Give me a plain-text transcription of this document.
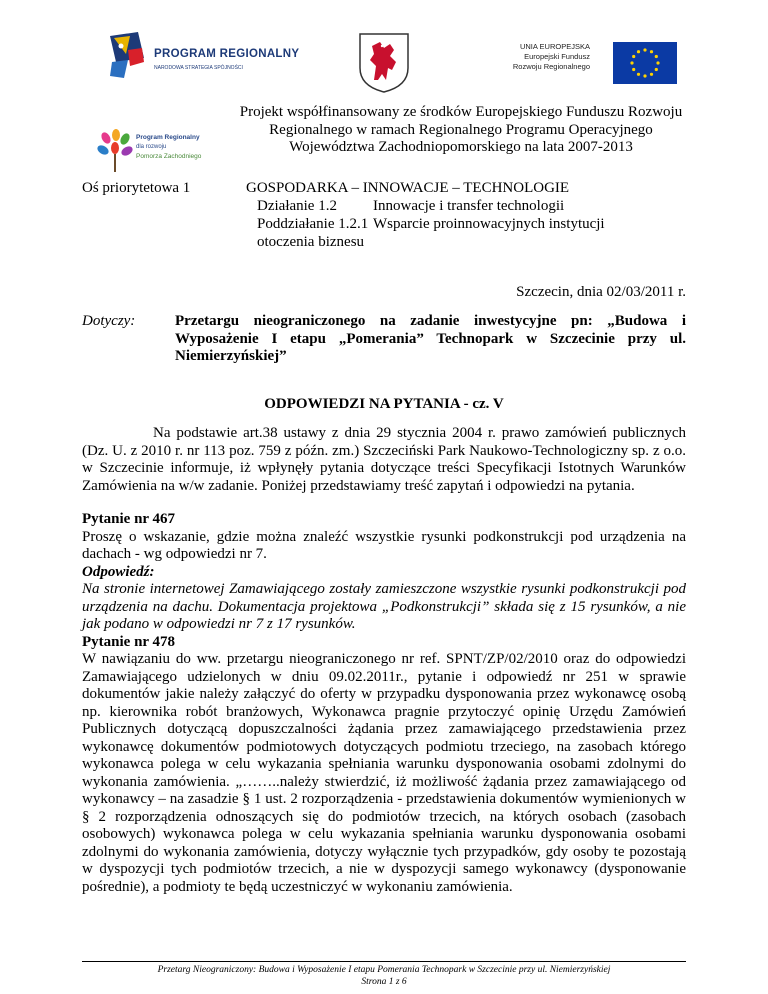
PROGRAM REGIONALNY
NARODOWA STRATEGIA SPÓJNOŚCI
UNIA EUROPEJSKA
Europejski Fundusz
Rozwoju Regionalnego
Program Regionalny
dla rozwoju
Pomorza Zachodniego
Projekt współfinansowany ze środków Europejskiego Funduszu Rozwoju Regionalnego w ramach Regionalnego Programu Operacyjnego Województwa Zachodniopomorskiego na lata 2007-2013
Oś priorytetowa 1	GOSPODARKA – INNOWACJE – TECHNOLOGIE
Działanie 1.2 Innowacje i transfer technologii
Poddziałanie 1.2.1 Wsparcie proinnowacyjnych instytucji
otoczenia biznesu
Szczecin, dnia 02/03/2011 r.
Dotyczy:	Przetargu nieograniczonego na zadanie inwestycyjne pn: „Budowa i Wyposażenie I etapu „Pomerania” Technopark w Szczecinie przy ul. Niemierzyńskiej”
ODPOWIEDZI NA PYTANIA - cz. V

Na podstawie art.38 ustawy z dnia 29 stycznia 2004 r. prawo zamówień publicznych (Dz. U. z 2010 r. nr 113 poz. 759 z późn. zm.) Szczeciński Park Naukowo-Technologiczny sp. z o.o. w Szczecinie informuje, iż wpłynęły pytania dotyczące treści Specyfikacji Istotnych Warunków Zamówienia na w/w zadanie. Poniżej przedstawiamy treść zapytań i odpowiedzi na pytania.

Pytanie nr 467

Proszę o wskazanie, gdzie można znaleźć wszystkie rysunki podkonstrukcji pod urządzenia na dachach - wg odpowiedzi nr 7.

Odpowiedź:

Na stronie internetowej Zamawiającego zostały zamieszczone wszystkie rysunki podkonstrukcji pod urządzenia na dachu. Dokumentacja projektowa „Podkonstrukcji” składa się z 15 rysunków, a nie jak podano w odpowiedzi nr 7 z 17 rysunków.

Pytanie nr 478

W nawiązaniu do ww. przetargu nieograniczonego nr ref. SPNT/ZP/02/2010 oraz do odpowiedzi Zamawiającego udzielonych w dniu 09.02.2011r., pytanie i odpowiedź nr 251 w sprawie dokumentów jakie należy załączyć do oferty w przypadku dysponowania przez wykonawcę osobą np. kierownika robót branżowych, Wykonawca pragnie przytoczyć opinię Urzędu Zamówień Publicznych dotyczącą dopuszczalności żądania przez zamawiającego przedstawienia przez wykonawcę dokumentów podmiotowych dotyczących podmiotu trzeciego, na zasobach którego wykonawca polega w celu wykazania spełniania warunku dysponowania osobami zdolnymi do wykonania zamówienia. „……..należy stwierdzić, iż możliwość żądania przez zamawiającego od wykonawcy – na zasadzie § 1 ust. 2 rozporządzenia - przedstawienia dokumentów wymienionych w § 2 rozporządzenia odnoszących się do podmiotów trzecich, na których osobach (zasobach osobowych) wykonawca polega w celu wykazania spełniania warunku dysponowania osobami zdolnymi do wykonania zamówienia, dotyczy wyłącznie tych przypadków, gdy osoby te pozostają w dyspozycji tych podmiotów trzecich, a nie w dyspozycji samego wykonawcy (dysponowanie pośrednie), a podmioty te będą uczestniczyć w wykonaniu zamówienia.

Przetarg Nieograniczony: Budowa i Wyposażenie I etapu Pomerania Technopark w Szczecinie przy ul. Niemierzyńskiej
Strona 1 z 6
